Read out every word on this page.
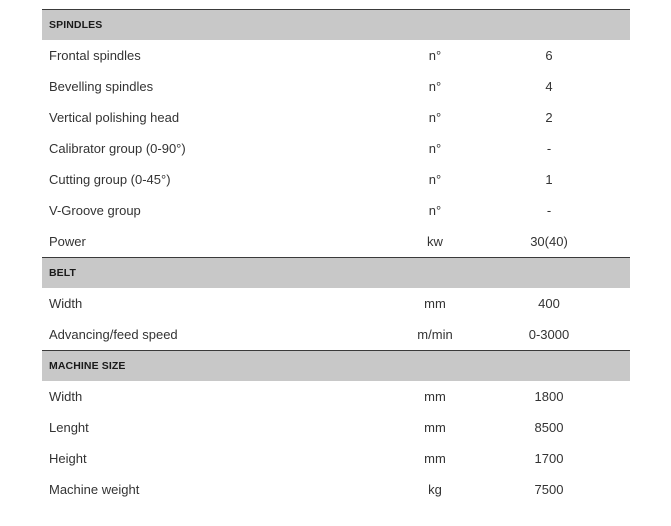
SPINDLES
Frontal spindles	n°	6
Bevelling spindles	n°	4
Vertical polishing head	n°	2
Calibrator group (0-90°)	n°	-
Cutting group (0-45°)	n°	1
V-Groove group	n°	-
Power	kw	30(40)
BELT
Width	mm	400
Advancing/feed speed	m/min	0-3000
MACHINE SIZE
Width	mm	1800
Lenght	mm	8500
Height	mm	1700
Machine weight	kg	7500
